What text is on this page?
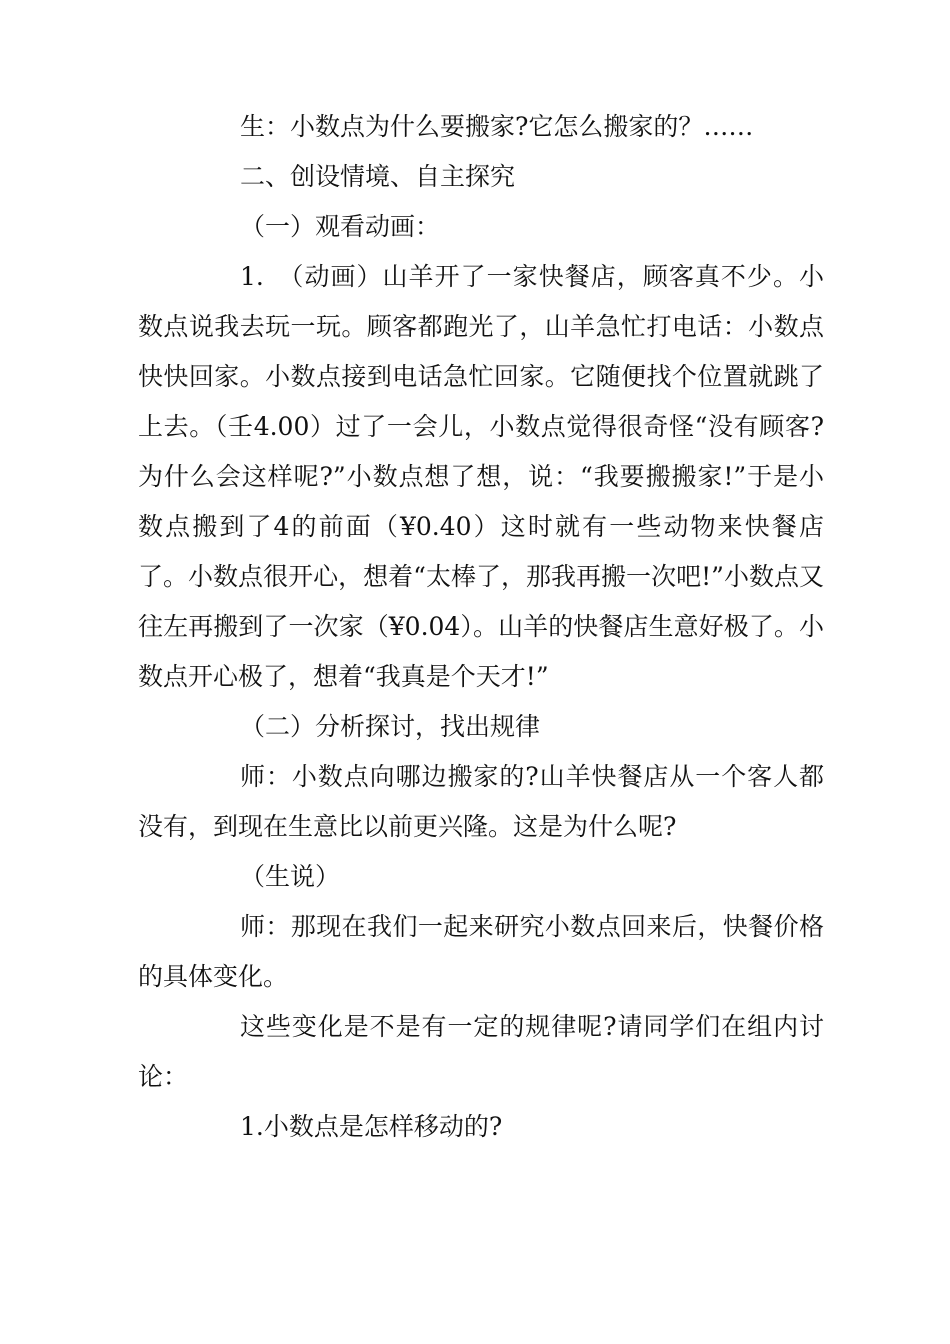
生：小数点为什么要搬家?它怎么搬家的？……

二、创设情境、自主探究

（一）观看动画：

1.　（动画）山羊开了一家快餐店，顾客真不少。小数点说我去玩一玩。顾客都跑光了，山羊急忙打电话：小数点快快回家。小数点接到电话急忙回家。它随便找个位置就跳了上去。（壬4.00）过了一会儿，小数点觉得很奇怪“没有顾客?为什么会这样呢?”小数点想了想，说：“我要搬搬家!”于是小数点搬到了4的前面（¥0.40）这时就有一些动物来快餐店了。小数点很开心，想着“太棒了，那我再搬一次吧!”小数点又往左再搬到了一次家（¥0.04）。山羊的快餐店生意好极了。小数点开心极了，想着“我真是个天才!”

（二）分析探讨，找出规律

师：小数点向哪边搬家的?山羊快餐店从一个客人都没有，到现在生意比以前更兴隆。这是为什么呢?

（生说）

师：那现在我们一起来研究小数点回来后，快餐价格的具体变化。

这些变化是不是有一定的规律呢?请同学们在组内讨论：

1.小数点是怎样移动的?
